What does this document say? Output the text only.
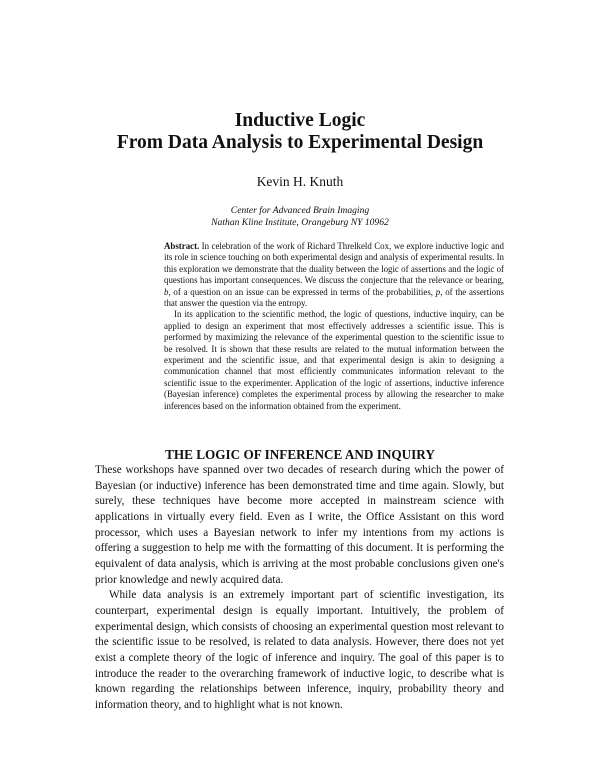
Inductive Logic
From Data Analysis to Experimental Design
Kevin H. Knuth
Center for Advanced Brain Imaging
Nathan Kline Institute, Orangeburg NY 10962

Abstract. In celebration of the work of Richard Threlkeld Cox, we explore inductive logic and its role in science touching on both experimental design and analysis of experimental results. In this exploration we demonstrate that the duality between the logic of assertions and the logic of questions has important consequences. We discuss the conjecture that the relevance or bearing, b, of a question on an issue can be expressed in terms of the probabilities, p, of the assertions that answer the question via the entropy.

In its application to the scientific method, the logic of questions, inductive inquiry, can be applied to design an experiment that most effectively addresses a scientific issue. This is performed by maximizing the relevance of the experimental question to the scientific issue to be resolved. It is shown that these results are related to the mutual information between the experiment and the scientific issue, and that experimental design is akin to designing a communication channel that most efficiently communicates information relevant to the scientific issue to the experimenter. Application of the logic of assertions, inductive inference (Bayesian inference) completes the experimental process by allowing the researcher to make inferences based on the information obtained from the experiment.

THE LOGIC OF INFERENCE AND INQUIRY

These workshops have spanned over two decades of research during which the power of Bayesian (or inductive) inference has been demonstrated time and time again. Slowly, but surely, these techniques have become more accepted in mainstream science with applications in virtually every field. Even as I write, the Office Assistant on this word processor, which uses a Bayesian network to infer my intentions from my actions is offering a suggestion to help me with the formatting of this document. It is performing the equivalent of data analysis, which is arriving at the most probable conclusions given one's prior knowledge and newly acquired data.

While data analysis is an extremely important part of scientific investigation, its counterpart, experimental design is equally important. Intuitively, the problem of experimental design, which consists of choosing an experimental question most relevant to the scientific issue to be resolved, is related to data analysis. However, there does not yet exist a complete theory of the logic of inference and inquiry. The goal of this paper is to introduce the reader to the overarching framework of inductive logic, to describe what is known regarding the relationships between inference, inquiry, probability theory and information theory, and to highlight what is not known.
